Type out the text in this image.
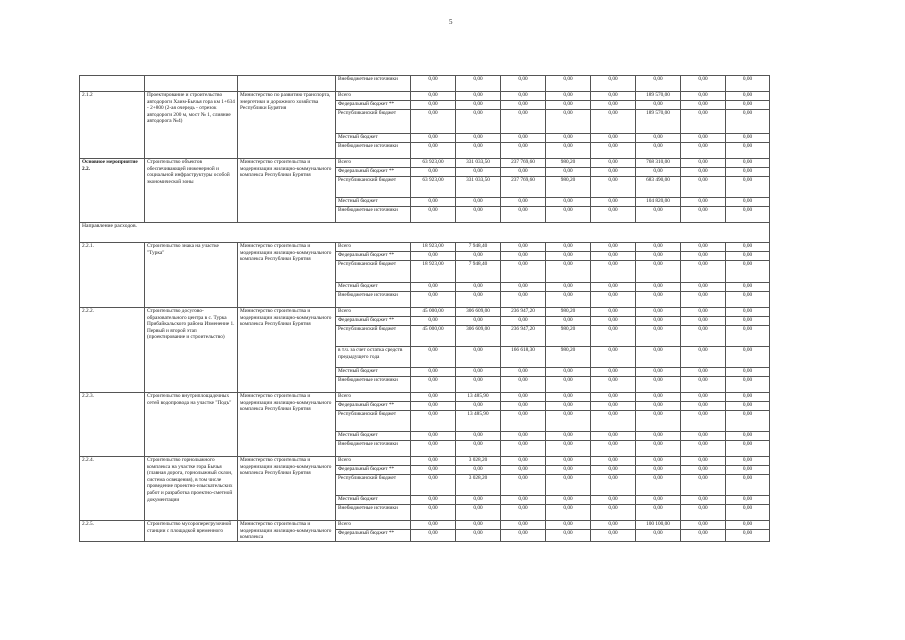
5
			Внебюджетные источники	0,00	0,00	0,00	0,00	0,00	0,00	0,00	0,00
2.1.2	Проектирование и строительство автодороги Хаим-Бычья гора км 1+634 - 2+800 (2-ая очередь - отрезок автодороги 200 м, мост № 1, слияние автодорога №4)	Министерство по развитию транспорта, энергетики и дорожного хозяйства Республики Бурятия	Всего	0,00	0,00	0,00	0,00	0,00	189 570,00	0,00	0,00
			Федеральный бюджет **	0,00	0,00	0,00	0,00	0,00	0,00	0,00	0,00
			Республиканский бюджет	0,00	0,00	0,00	0,00	0,00	189 570,00	0,00	0,00
			Местный бюджет	0,00	0,00	0,00	0,00	0,00	0,00	0,00	0,00
			Внебюджетные источники	0,00	0,00	0,00	0,00	0,00	0,00	0,00	0,00
Основное мероприятие 2.2.	Строительство объектов обеспечивающей инженерной и социальной инфраструктуры особой экономической зоны	Министерство строительства и модернизации жилищно-коммунального комплекса Республики Бурятия	Всего	63 923,00	331 033,50	237 769,60	980,20	0,00	768 310,00	0,00	0,00
			Федеральный бюджет **	0,00	0,00	0,00	0,00	0,00	0,00	0,00	0,00
			Республиканский бюджет	63 923,00	331 033,50	237 769,60	980,20	0,00	683 490,00	0,00	0,00
			Местный бюджет	0,00	0,00	0,00	0,00	0,00	104 820,00	0,00	0,00
			Внебюджетные источники	0,00	0,00	0,00	0,00	0,00	0,00	0,00	0,00
Направление расходов.											
2.2.1.	Строительство знака на участке "Турка"	Министерство строительства и модернизации жилищно-коммунального комплекса Республики Бурятия	Всего	18 923,00	7 948,40	0,00	0,00	0,00	0,00	0,00	0,00
			Федеральный бюджет **	0,00	0,00	0,00	0,00	0,00	0,00	0,00	0,00
			Республиканский бюджет	18 923,00	7 948,40	0,00	0,00	0,00	0,00	0,00	0,00
			Местный бюджет	0,00	0,00	0,00	0,00	0,00	0,00	0,00	0,00
			Внебюджетные источники	0,00	0,00	0,00	0,00	0,00	0,00	0,00	0,00
2.2.2.	Строительство досугово-образовательного центра в с. Турка Прибайкальского района Изменение 1. Первый и второй этап (проектирование и строительство)	Министерство строительства и модернизации жилищно-коммунального комплекса Республики Бурятия	Всего	45 000,00	306 609,00	236 947,20	980,20	0,00	0,00	0,00	0,00
			Федеральный бюджет **	0,00	0,00	0,00	0,00	0,00	0,00	0,00	0,00
			Республиканский бюджет	45 000,00	306 609,00	236 947,20	980,20	0,00	0,00	0,00	0,00
			в т.ч. за счет остатка средств предыдущего года	0,00	0,00	166 618,30	980,20	0,00	0,00	0,00	0,00
			Местный бюджет	0,00	0,00	0,00	0,00	0,00	0,00	0,00	0,00
			Внебюджетные источники	0,00	0,00	0,00	0,00	0,00	0,00	0,00	0,00
2.2.3.	Строительство внутриплощадочных сетей водопровода на участке "Подъ"	Министерство строительства и модернизации жилищно-коммунального комплекса Республики Бурятия	Всего	0,00	13 485,90	0,00	0,00	0,00	0,00	0,00	0,00
			Федеральный бюджет **	0,00	0,00	0,00	0,00	0,00	0,00	0,00	0,00
			Республиканский бюджет	0,00	13 485,90	0,00	0,00	0,00	0,00	0,00	0,00
			Местный бюджет	0,00	0,00	0,00	0,00	0,00	0,00	0,00	0,00
			Внебюджетные источники	0,00	0,00	0,00	0,00	0,00	0,00	0,00	0,00
2.2.4.	Строительство горнолыжного комплекса на участке гора Бычья (главная дорога, горнолыжный склон, система освещения), в том числе проведение проектно-изыскательских работ и разработка проектно-сметной документации	Министерство строительства и модернизации жилищно-коммунального комплекса Республики Бурятия	Всего	0,00	3 028,20	0,00	0,00	0,00	0,00	0,00	0,00
			Федеральный бюджет **	0,00	0,00	0,00	0,00	0,00	0,00	0,00	0,00
			Республиканский бюджет	0,00	3 028,20	0,00	0,00	0,00	0,00	0,00	0,00
			Местный бюджет	0,00	0,00	0,00	0,00	0,00	0,00	0,00	0,00
			Внебюджетные источники	0,00	0,00	0,00	0,00	0,00	0,00	0,00	0,00
2.2.5.	Строительство мусороперегрузочной станции с площадкой временного	Министерство строительства и модернизации жилищно-коммунального комплекса	Всего	0,00	0,00	0,00	0,00	0,00	100 100,00	0,00	0,00
			Федеральный бюджет **	0,00	0,00	0,00	0,00	0,00	0,00	0,00	0,00
